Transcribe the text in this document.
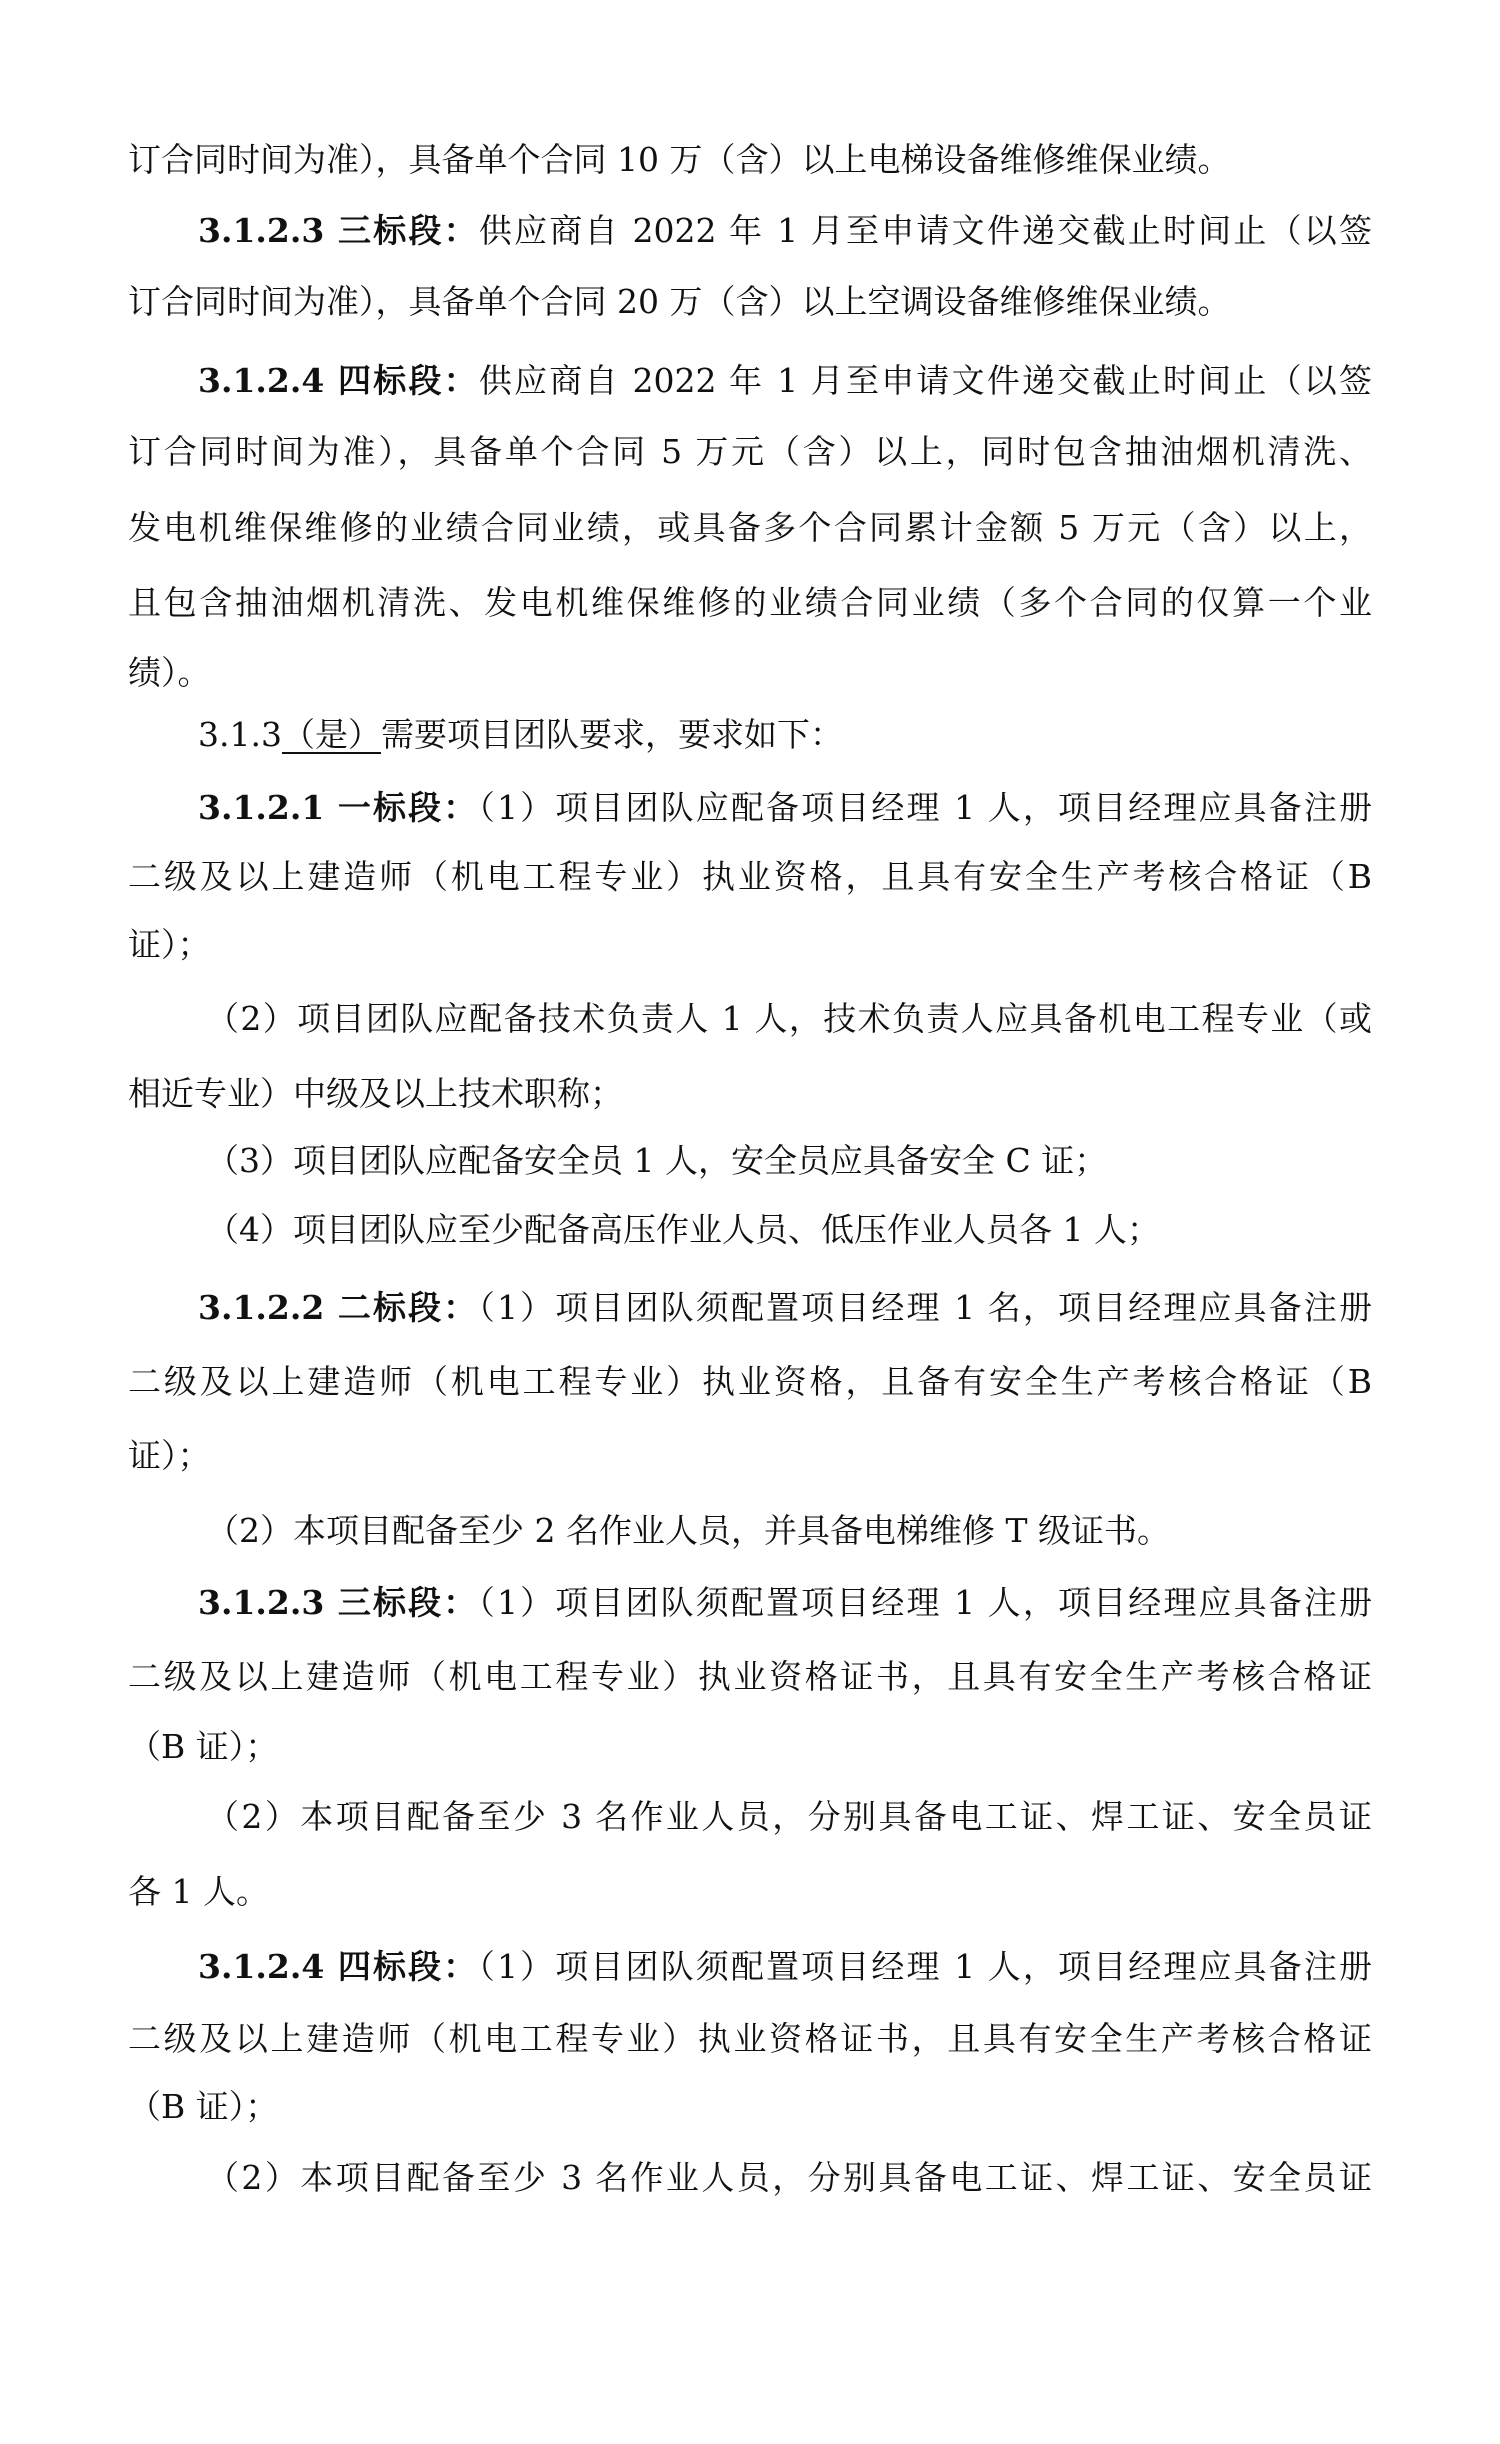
订合同时间为准），具备单个合同 10 万（含）以上电梯设备维修维保业绩。
3.1.2.3 三标段：供应商自 2022 年 1 月至申请文件递交截止时间止（以签
订合同时间为准），具备单个合同 20 万（含）以上空调设备维修维保业绩。
3.1.2.4 四标段：供应商自 2022 年 1 月至申请文件递交截止时间止（以签
订合同时间为准），具备单个合同 5 万元（含）以上，同时包含抽油烟机清洗、
发电机维保维修的业绩合同业绩，或具备多个合同累计金额 5 万元（含）以上，
且包含抽油烟机清洗、发电机维保维修的业绩合同业绩（多个合同的仅算一个业
绩）。
3.1.3（是）需要项目团队要求，要求如下：
3.1.2.1 一标段：（1）项目团队应配备项目经理 1 人，项目经理应具备注册
二级及以上建造师（机电工程专业）执业资格，且具有安全生产考核合格证（B
证）；
（2）项目团队应配备技术负责人 1 人，技术负责人应具备机电工程专业（或
相近专业）中级及以上技术职称；
（3）项目团队应配备安全员 1 人，安全员应具备安全 C 证；
（4）项目团队应至少配备高压作业人员、低压作业人员各 1 人；
3.1.2.2 二标段：（1）项目团队须配置项目经理 1 名，项目经理应具备注册
二级及以上建造师（机电工程专业）执业资格，且备有安全生产考核合格证（B
证）；
（2）本项目配备至少 2 名作业人员，并具备电梯维修 T 级证书。
3.1.2.3 三标段：（1）项目团队须配置项目经理 1 人，项目经理应具备注册
二级及以上建造师（机电工程专业）执业资格证书，且具有安全生产考核合格证
（B 证）；
（2）本项目配备至少 3 名作业人员，分别具备电工证、焊工证、安全员证
各 1 人。
3.1.2.4 四标段：（1）项目团队须配置项目经理 1 人，项目经理应具备注册
二级及以上建造师（机电工程专业）执业资格证书，且具有安全生产考核合格证
（B 证）；
（2）本项目配备至少 3 名作业人员，分别具备电工证、焊工证、安全员证
